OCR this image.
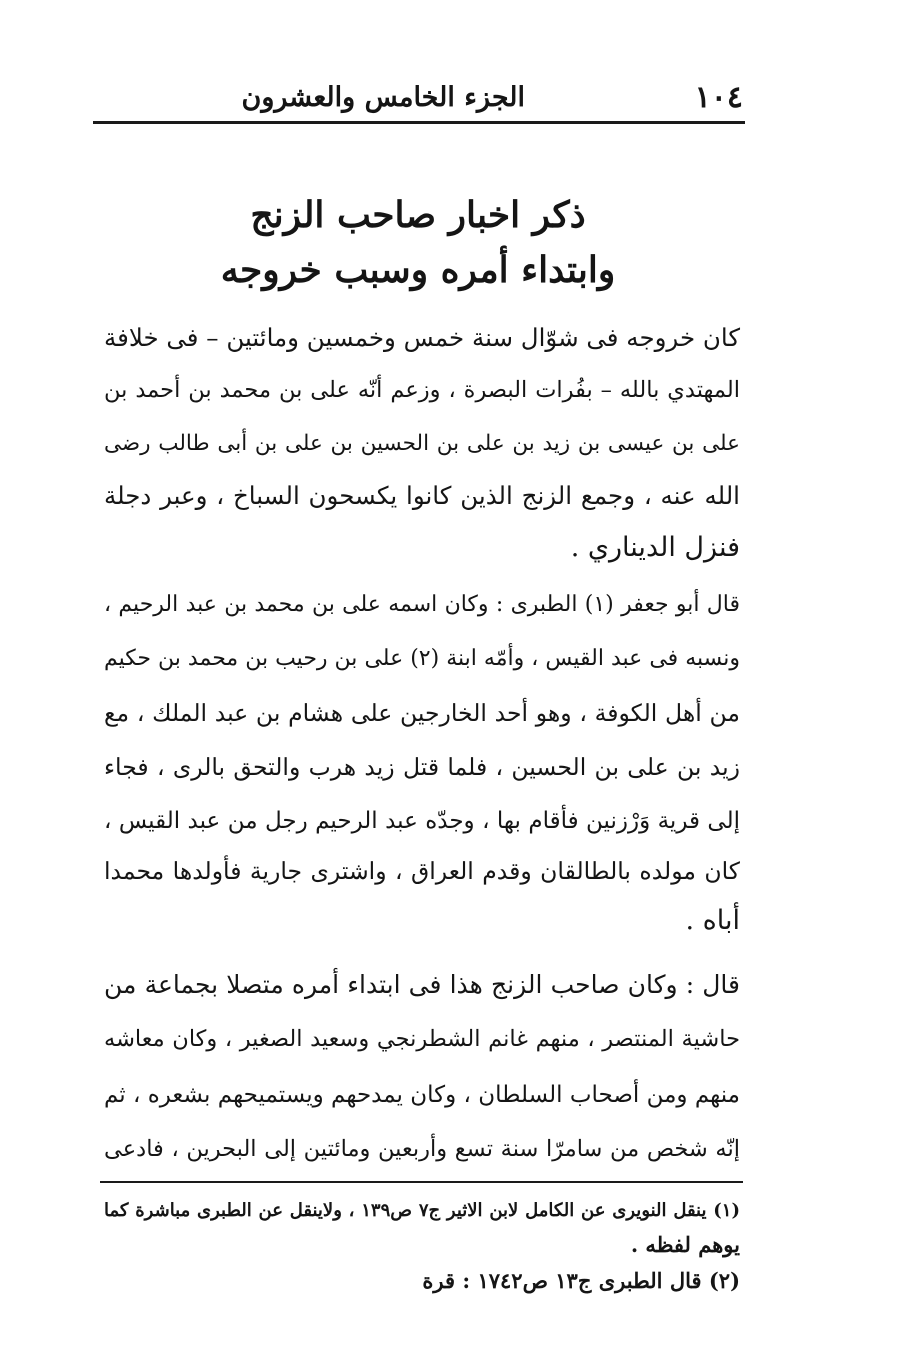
١٠٤
الجزء الخامس والعشرون
ذكر اخبار صاحب الزنج
وابتداء أمره وسبب خروجه
كان خروجه فى شوّال سنة خمس وخمسين ومائتين – فى خلافة
المهتدي بالله – بفُرات البصرة ، وزعم أنّه على بن محمد بن أحمد بن
على بن عيسى بن زيد بن على بن الحسين بن على بن أبى طالب رضى
الله عنه ، وجمع الزنج الذين كانوا يكسحون السباخ ، وعبر دجلة
فنزل الديناري .
قال أبو جعفر (١) الطبرى : وكان اسمه على بن محمد بن عبد الرحيم ،
ونسبه فى عبد القيس ، وأمّه ابنة (٢) على بن رحيب بن محمد بن حكيم
من أهل الكوفة ، وهو أحد الخارجين على هشام بن عبد الملك ، مع
زيد بن على بن الحسين ، فلما قتل زيد هرب والتحق بالرى ، فجاء
إلى قرية وَرْزنين فأقام بها ، وجدّه عبد الرحيم رجل من عبد القيس ،
كان مولده بالطالقان وقدم العراق ، واشترى جارية فأولدها محمدا
أباه .
قال : وكان صاحب الزنج هذا فى ابتداء أمره متصلا بجماعة من
حاشية المنتصر ، منهم غانم الشطرنجي وسعيد الصغير ، وكان معاشه
منهم ومن أصحاب السلطان ، وكان يمدحهم ويستميحهم بشعره ، ثم
إنّه شخص من سامرّا سنة تسع وأربعين ومائتين إلى البحرين ، فادعى
(١) ينقل النويرى عن الكامل لابن الاثير ج٧ ص١٣٩ ، ولاينقل عن الطبرى مباشرة كما
يوهم لفظه .
(٢) قال الطبرى ج١٣ ص١٧٤٢ : قرة
